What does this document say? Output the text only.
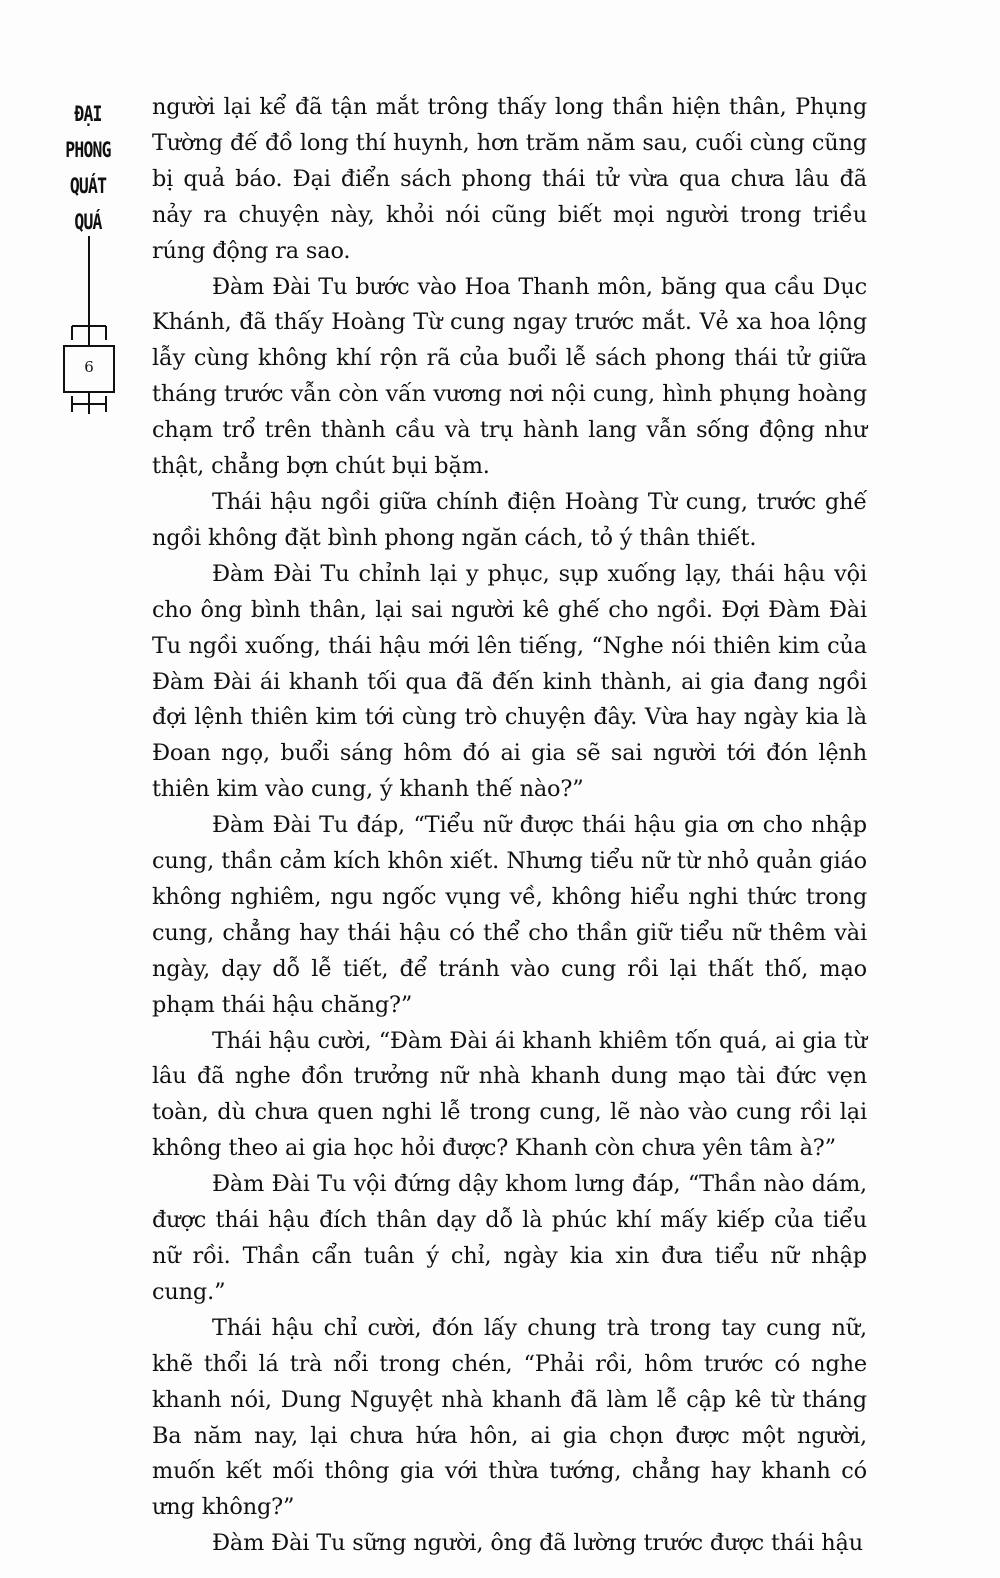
ĐẠI
PHONG
QUÁT
QUÁ
6

người lại kể đã tận mắt trông thấy long thần hiện thân, Phụng Tường đế đồ long thí huynh, hơn trăm năm sau, cuối cùng cũng bị quả báo. Đại điển sách phong thái tử vừa qua chưa lâu đã nảy ra chuyện này, khỏi nói cũng biết mọi người trong triều rúng động ra sao.

Đàm Đài Tu bước vào Hoa Thanh môn, băng qua cầu Dục Khánh, đã thấy Hoàng Từ cung ngay trước mắt. Vẻ xa hoa lộng lẫy cùng không khí rộn rã của buổi lễ sách phong thái tử giữa tháng trước vẫn còn vấn vương nơi nội cung, hình phụng hoàng chạm trổ trên thành cầu và trụ hành lang vẫn sống động như thật, chẳng bợn chút bụi bặm.

Thái hậu ngồi giữa chính điện Hoàng Từ cung, trước ghế ngồi không đặt bình phong ngăn cách, tỏ ý thân thiết.

Đàm Đài Tu chỉnh lại y phục, sụp xuống lạy, thái hậu vội cho ông bình thân, lại sai người kê ghế cho ngồi. Đợi Đàm Đài Tu ngồi xuống, thái hậu mới lên tiếng, “Nghe nói thiên kim của Đàm Đài ái khanh tối qua đã đến kinh thành, ai gia đang ngồi đợi lệnh thiên kim tới cùng trò chuyện đây. Vừa hay ngày kia là Đoan ngọ, buổi sáng hôm đó ai gia sẽ sai người tới đón lệnh thiên kim vào cung, ý khanh thế nào?”

Đàm Đài Tu đáp, “Tiểu nữ được thái hậu gia ơn cho nhập cung, thần cảm kích khôn xiết. Nhưng tiểu nữ từ nhỏ quản giáo không nghiêm, ngu ngốc vụng về, không hiểu nghi thức trong cung, chẳng hay thái hậu có thể cho thần giữ tiểu nữ thêm vài ngày, dạy dỗ lễ tiết, để tránh vào cung rồi lại thất thố, mạo phạm thái hậu chăng?”

Thái hậu cười, “Đàm Đài ái khanh khiêm tốn quá, ai gia từ lâu đã nghe đồn trưởng nữ nhà khanh dung mạo tài đức vẹn toàn, dù chưa quen nghi lễ trong cung, lẽ nào vào cung rồi lại không theo ai gia học hỏi được? Khanh còn chưa yên tâm à?”

Đàm Đài Tu vội đứng dậy khom lưng đáp, “Thần nào dám, được thái hậu đích thân dạy dỗ là phúc khí mấy kiếp của tiểu nữ rồi. Thần cẩn tuân ý chỉ, ngày kia xin đưa tiểu nữ nhập cung.”

Thái hậu chỉ cười, đón lấy chung trà trong tay cung nữ, khẽ thổi lá trà nổi trong chén, “Phải rồi, hôm trước có nghe khanh nói, Dung Nguyệt nhà khanh đã làm lễ cập kê từ tháng Ba năm nay, lại chưa hứa hôn, ai gia chọn được một người, muốn kết mối thông gia với thừa tướng, chẳng hay khanh có ưng không?”

Đàm Đài Tu sững người, ông đã lường trước được thái hậu
